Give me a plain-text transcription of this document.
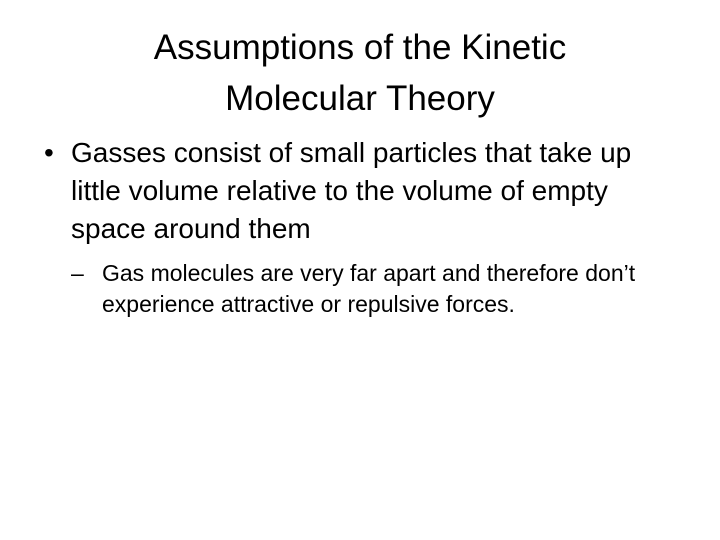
Assumptions of the Kinetic
Molecular Theory
• Gasses consist of small particles that take up little volume relative to the volume of empty space around them
– Gas molecules are very far apart and therefore don’t experience attractive or repulsive forces.
